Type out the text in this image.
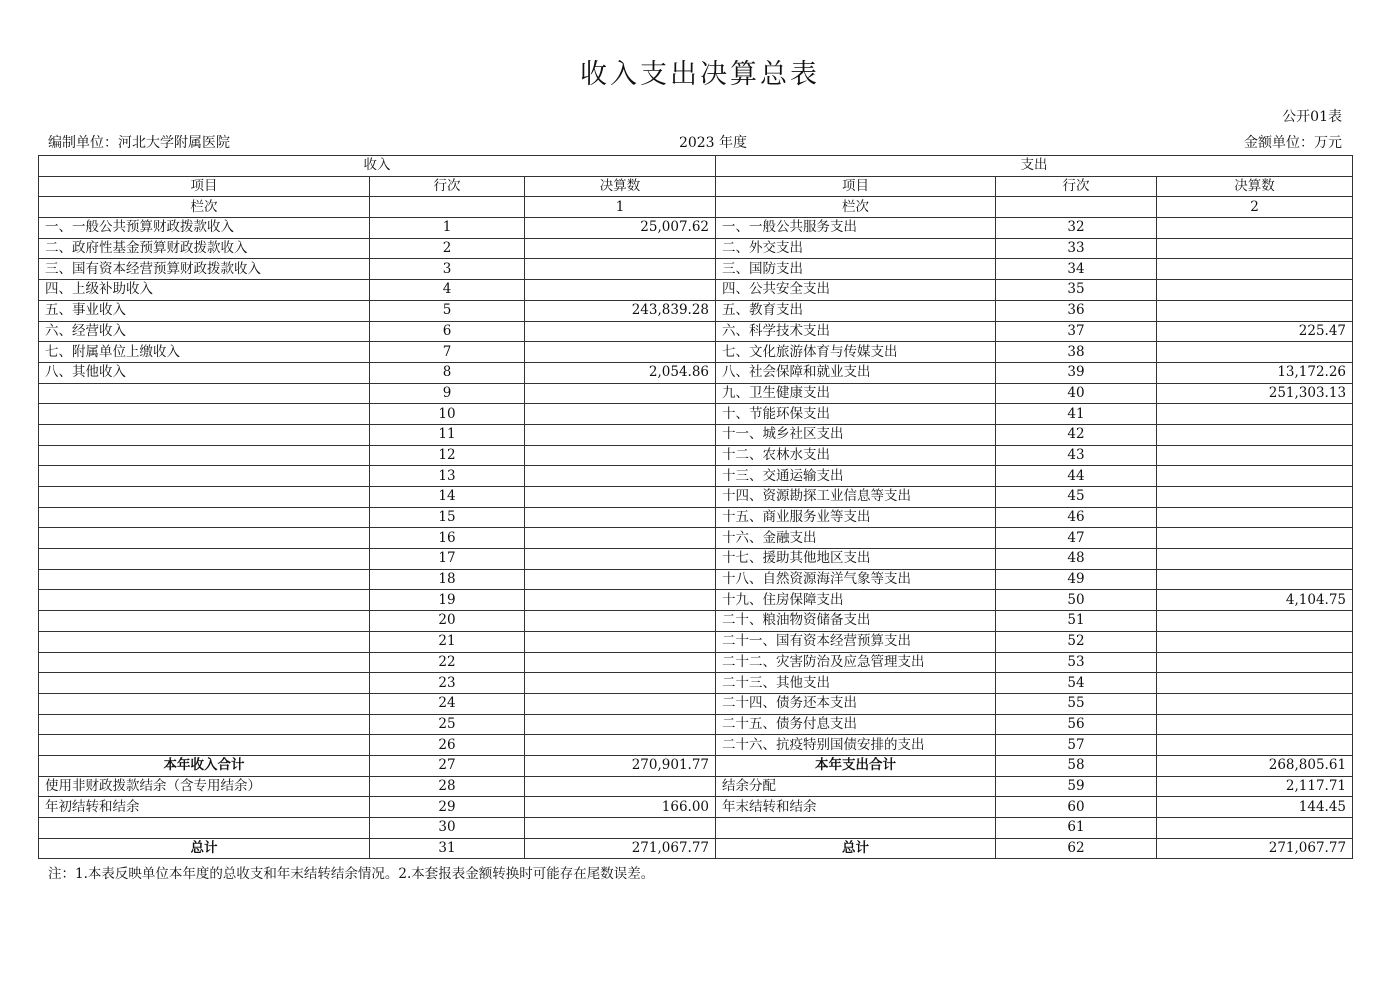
收入支出决算总表
公开01表
编制单位：河北大学附属医院	2023 年度	金额单位：万元
收入			支出		
项目	行次	决算数	项目	行次	决算数
栏次		1	栏次		2
一、一般公共预算财政拨款收入	1	25,007.62	一、一般公共服务支出	32	
二、政府性基金预算财政拨款收入	2		二、外交支出	33	
三、国有资本经营预算财政拨款收入	3		三、国防支出	34	
四、上级补助收入	4		四、公共安全支出	35	
五、事业收入	5	243,839.28	五、教育支出	36	
六、经营收入	6		六、科学技术支出	37	225.47
七、附属单位上缴收入	7		七、文化旅游体育与传媒支出	38	
八、其他收入	8	2,054.86	八、社会保障和就业支出	39	13,172.26
	9		九、卫生健康支出	40	251,303.13
	10		十、节能环保支出	41	
	11		十一、城乡社区支出	42	
	12		十二、农林水支出	43	
	13		十三、交通运输支出	44	
	14		十四、资源勘探工业信息等支出	45	
	15		十五、商业服务业等支出	46	
	16		十六、金融支出	47	
	17		十七、援助其他地区支出	48	
	18		十八、自然资源海洋气象等支出	49	
	19		十九、住房保障支出	50	4,104.75
	20		二十、粮油物资储备支出	51	
	21		二十一、国有资本经营预算支出	52	
	22		二十二、灾害防治及应急管理支出	53	
	23		二十三、其他支出	54	
	24		二十四、债务还本支出	55	
	25		二十五、债务付息支出	56	
	26		二十六、抗疫特别国债安排的支出	57	
本年收入合计	27	270,901.77	本年支出合计	58	268,805.61
使用非财政拨款结余（含专用结余）	28		结余分配	59	2,117.71
年初结转和结余	29	166.00	年末结转和结余	60	144.45
	30			61	
总计	31	271,067.77	总计	62	271,067.77
注：1.本表反映单位本年度的总收支和年末结转结余情况。2.本套报表金额转换时可能存在尾数误差。
